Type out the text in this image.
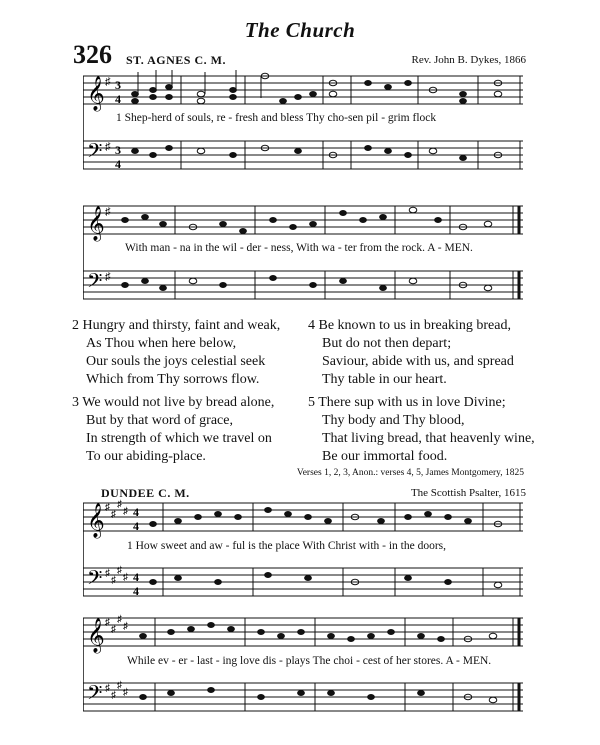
The Church
326 ST. AGNES C. M.	Rev. John B. Dykes, 1866
𝄞
𝄢
♯
♯
3
4
3
4
1 Shep-herd of souls, re - fresh and bless Thy cho-sen pil - grim flock
𝄞
𝄢
♯
♯
With man - na in the wil - der - ness, With wa - ter from the rock. A - MEN.
2 Hungry and thirsty, faint and weak,
As Thou when here below,
Our souls the joys celestial seek
Which from Thy sorrows flow.
3 We would not live by bread alone,
But by that word of grace,
In strength of which we travel on
To our abiding-place.
4 Be known to us in breaking bread,
But do not then depart;
Saviour, abide with us, and spread
Thy table in our heart.
5 There sup with us in love Divine;
Thy body and Thy blood,
That living bread, that heavenly wine,
Be our immortal food.
Verses 1, 2, 3, Anon.: verses 4, 5, James Montgomery, 1825
DUNDEE C. M.	The Scottish Psalter, 1615
𝄞
𝄢
♯
♯
♯
♯
♯
♯
♯
♯
4
4
4
4
1 How sweet and aw - ful is the place With Christ with - in the doors,
𝄞
𝄢
♯
♯
♯
♯
♯
♯
♯
♯
While ev - er - last - ing love dis - plays The choi - cest of her stores. A - MEN.
